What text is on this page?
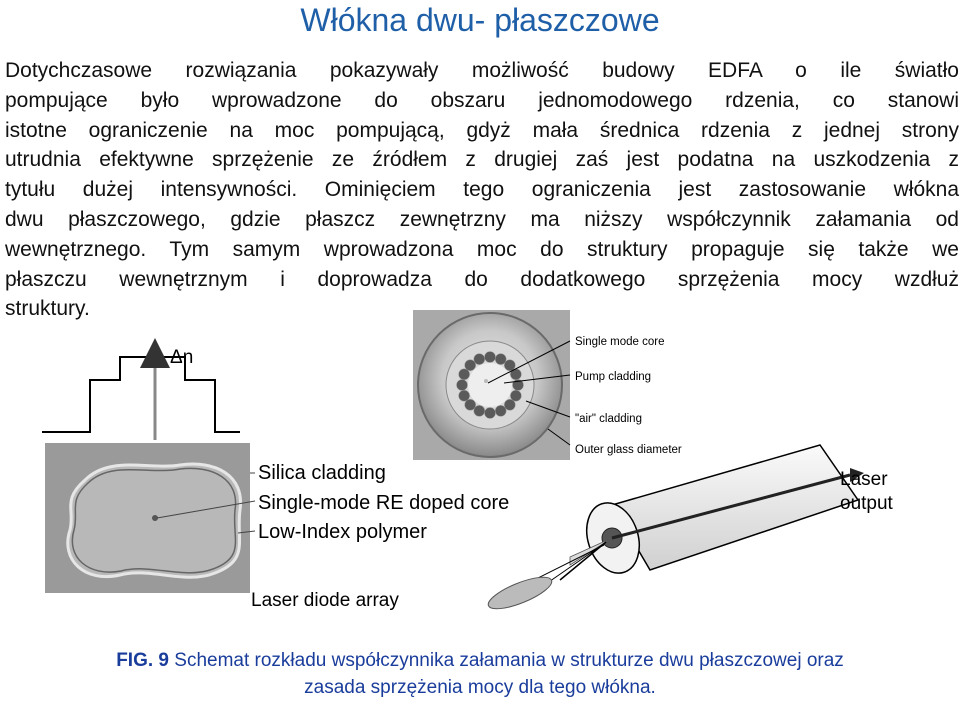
Włókna dwu- płaszczowe
Dotychczasowe rozwiązania pokazywały możliwość budowy EDFA o ile światło
pompujące było wprowadzone do obszaru jednomodowego rdzenia, co stanowi
istotne ograniczenie na moc pompującą, gdyż mała średnica rdzenia z jednej strony
utrudnia efektywne sprzężenie ze źródłem z drugiej zaś jest podatna na uszkodzenia z
tytułu dużej intensywności. Ominięciem tego ograniczenia jest zastosowanie włókna
dwu płaszczowego, gdzie płaszcz zewnętrzny ma niższy współczynnik załamania od
wewnętrznego. Tym samym wprowadzona moc do struktury propaguje się także we
płaszczu wewnętrznym i doprowadza do dodatkowego sprzężenia mocy wzdłuż
struktury.
Δn
Silica cladding
Single-mode RE doped core
Low-Index polymer
Single mode core
Pump cladding
"air" cladding
Outer glass diameter
Laser
output
Laser diode array
FIG. 9 Schemat rozkładu współczynnika załamania w strukturze dwu płaszczowej oraz
zasada sprzężenia mocy dla tego włókna.
